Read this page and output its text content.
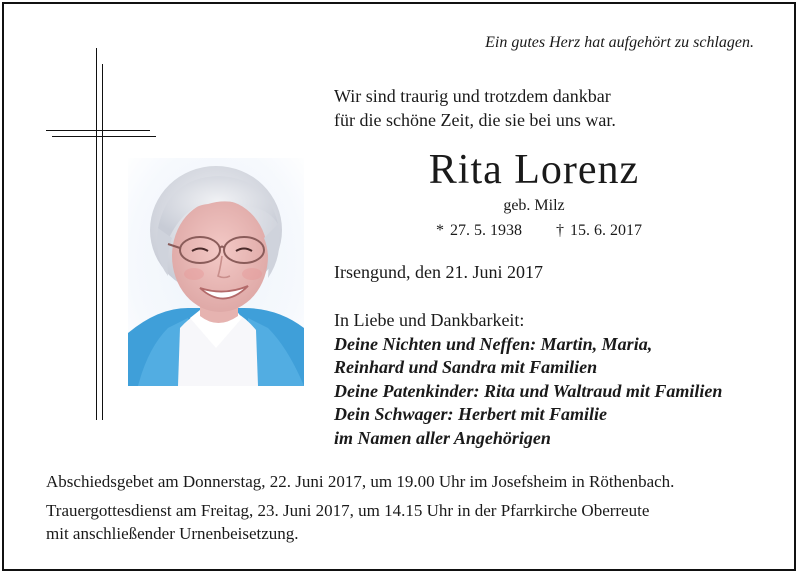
Ein gutes Herz hat aufgehört zu schlagen.
Wir sind traurig und trotzdem dankbar
für die schöne Zeit, die sie bei uns war.
Rita Lorenz
geb. Milz
* 27. 5. 1938	† 15. 6. 2017
Irsengund, den 21. Juni 2017
In Liebe und Dankbarkeit:
Deine Nichten und Neffen: Martin, Maria,
Reinhard und Sandra mit Familien
Deine Patenkinder: Rita und Waltraud mit Familien
Dein Schwager: Herbert mit Familie
im Namen aller Angehörigen

Abschiedsgebet am Donnerstag, 22. Juni 2017, um 19.00 Uhr im Josefsheim in Röthenbach.

Trauergottesdienst am Freitag, 23. Juni 2017, um 14.15 Uhr in der Pfarrkirche Oberreute

mit anschließender Urnenbeisetzung.
